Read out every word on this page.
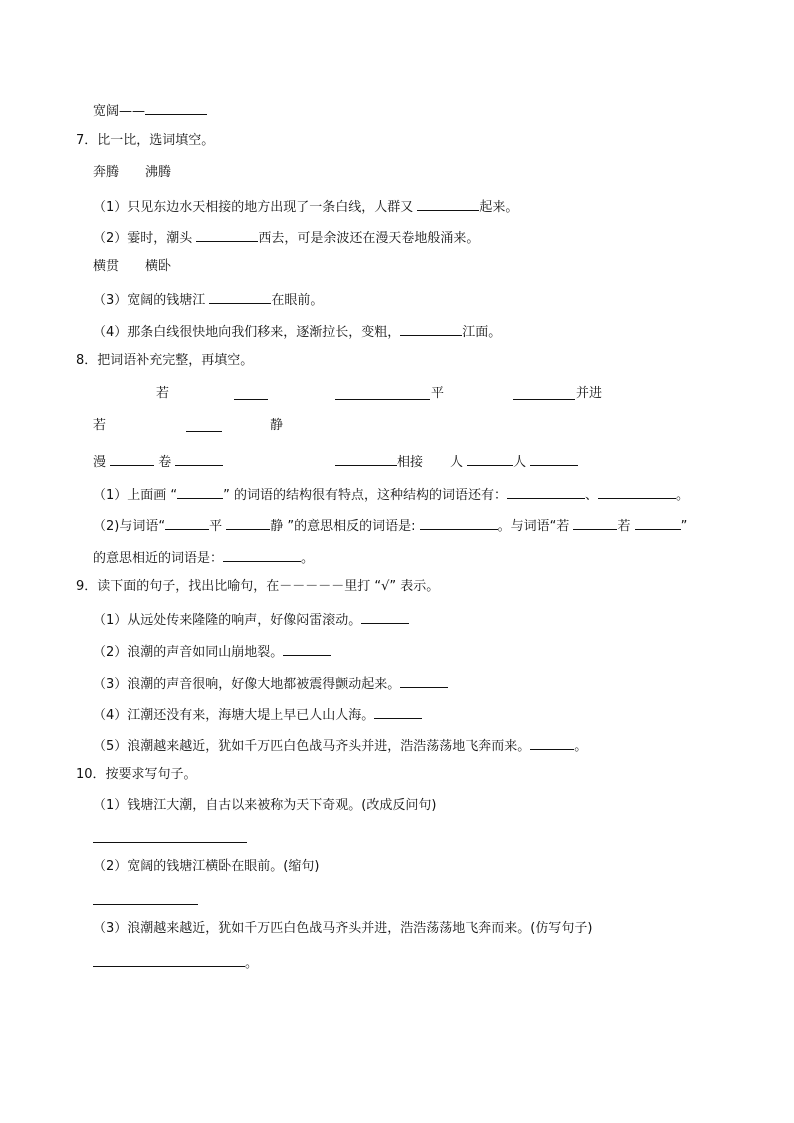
宽阔——
7．比一比，选词填空。
奔腾　　沸腾
（1）只见东边水天相接的地方出现了一条白线，人群又	起来。
（2）霎时，潮头	西去，可是余波还在漫天卷地般涌来。
横贯　　横卧
（3）宽阔的钱塘江	在眼前。
（4）那条白线很快地向我们移来，逐渐拉长，变粗，	江面。
8．把词语补充完整，再填空。
若	平	并进
若	静
漫	卷	相接 人	人
（1）上面画 “	” 的词语的结构很有特点，这种结构的词语还有：	、	。
（2)与词语“	平	静 ”的意思相反的词语是:	。与词语“若	若	”
的意思相近的词语是：	。
9．读下面的句子，找出比喻句，在－－－－－里打 “√” 表示。
（1）从远处传来隆隆的响声，好像闷雷滚动。
（2）浪潮的声音如同山崩地裂。
（3）浪潮的声音很响，好像大地都被震得颤动起来。
（4）江潮还没有来，海塘大堤上早已人山人海。
（5）浪潮越来越近，犹如千万匹白色战马齐头并进，浩浩荡荡地飞奔而来。	。
10．按要求写句子。
（1）钱塘江大潮，自古以来被称为天下奇观。(改成反问句)
（2）宽阔的钱塘江横卧在眼前。(缩句)
（3）浪潮越来越近，犹如千万匹白色战马齐头并进，浩浩荡荡地飞奔而来。(仿写句子)
。
